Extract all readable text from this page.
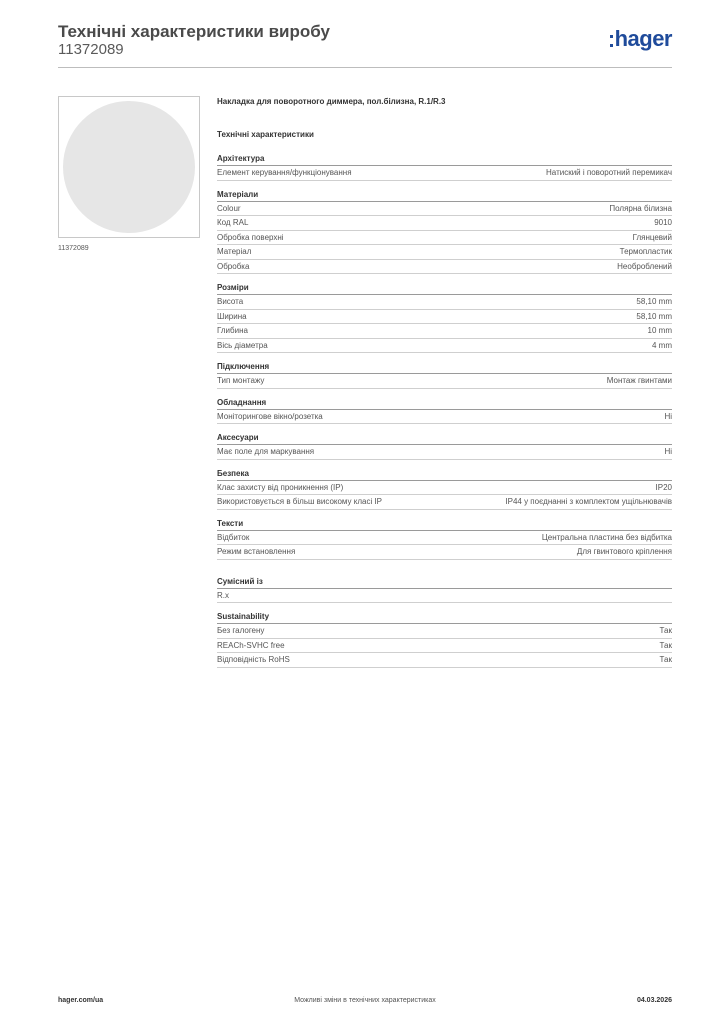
Технічні характеристики виробу
11372089	hager
11372089
Накладка для поворотного диммера, пол.білизна, R.1/R.3
Технічні характеристики
Архітектура
Елемент керування/функціонування	Натиский і поворотний перемикач
Матеріали
Colour	Полярна білизна
Код RAL	9010
Обробка поверхні	Глянцевий
Матеріал	Термопластик
Обробка	Необроблений
Розміри
Висота	58,10 mm
Ширина	58,10 mm
Глибина	10 mm
Вісь діаметра	4 mm
Підключення
Тип монтажу	Монтаж гвинтами
Обладнання
Моніторингове вікно/розетка	Ні
Аксесуари
Має поле для маркування	Ні
Безпека
Клас захисту від проникнення (IP)	IP20
Використовується в більш високому класі IP	IP44 у поєднанні з комплектом ущільнювачів
Тексти
Відбиток	Центральна пластина без відбитка
Режим встановлення	Для гвинтового кріплення
Сумісний із
R.x
Sustainability
Без галогену	Так
REACh-SVHC free	Так
Відповідність RoHS	Так
hager.com/ua	Можливі зміни в технічних характеристиках	04.03.2026
